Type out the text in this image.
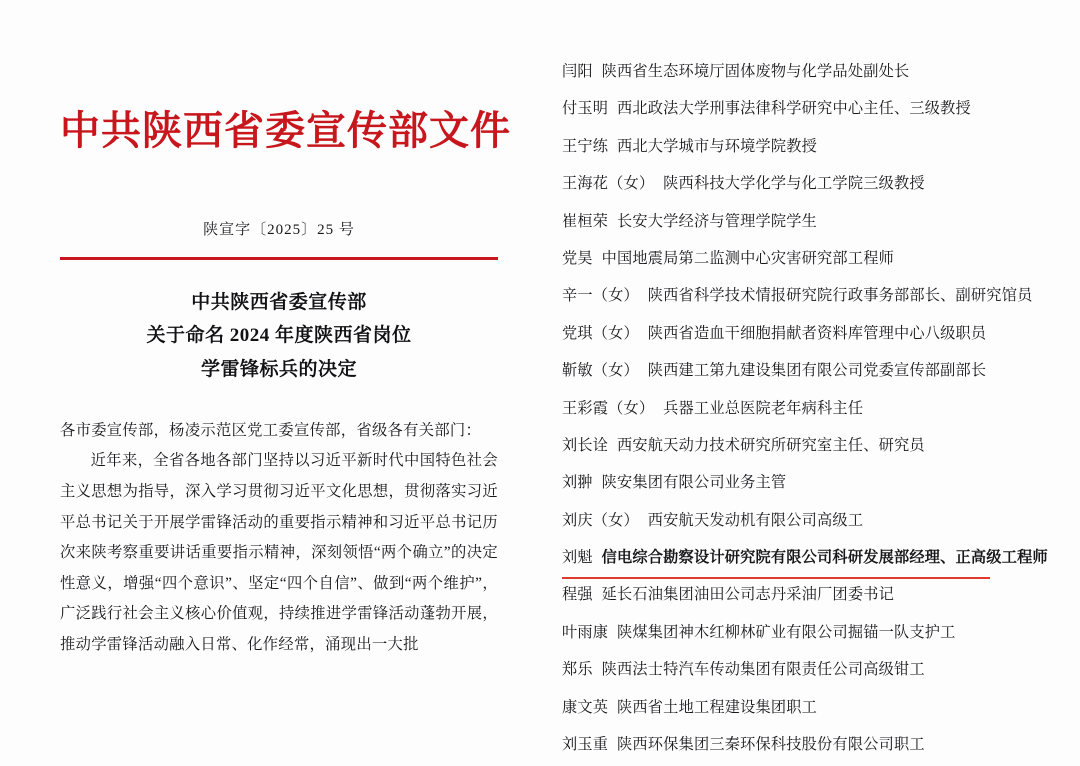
中共陕西省委宣传部文件
陕宣字〔2025〕25 号
中共陕西省委宣传部
关于命名 2024 年度陕西省岗位
学雷锋标兵的决定
各市委宣传部，杨凌示范区党工委宣传部，省级各有关部门：
近年来，全省各地各部门坚持以习近平新时代中国特色社会主义思想为指导，深入学习贯彻习近平文化思想，贯彻落实习近平总书记关于开展学雷锋活动的重要指示精神和习近平总书记历次来陕考察重要讲话重要指示精神，深刻领悟“两个确立”的决定性意义，增强“四个意识”、坚定“四个自信”、做到“两个维护”，广泛践行社会主义核心价值观，持续推进学雷锋活动蓬勃开展，推动学雷锋活动融入日常、化作经常，涌现出一大批
闫阳
陕西省生态环境厅固体废物与化学品处副处长
付玉明
西北政法大学刑事法律科学研究中心主任、三级教授
王宁练
西北大学城市与环境学院教授
王海花（女）
陕西科技大学化学与化工学院三级教授
崔桓荣
长安大学经济与管理学院学生
党昊
中国地震局第二监测中心灾害研究部工程师
辛一（女）
陕西省科学技术情报研究院行政事务部部长、副研究馆员
党琪（女）
陕西省造血干细胞捐献者资料库管理中心八级职员
靳敏（女）
陕西建工第九建设集团有限公司党委宣传部副部长
王彩霞（女）
兵器工业总医院老年病科主任
刘长诠
西安航天动力技术研究所研究室主任、研究员
刘翀
陕安集团有限公司业务主管
刘庆（女）
西安航天发动机有限公司高级工
刘魁
信电综合勘察设计研究院有限公司科研发展部经理、正高级工程师
程强
延长石油集团油田公司志丹采油厂团委书记
叶雨康
陕煤集团神木红柳林矿业有限公司掘锚一队支护工
郑乐
陕西法士特汽车传动集团有限责任公司高级钳工
康文英
陕西省土地工程建设集团职工
刘玉重
陕西环保集团三秦环保科技股份有限公司职工
